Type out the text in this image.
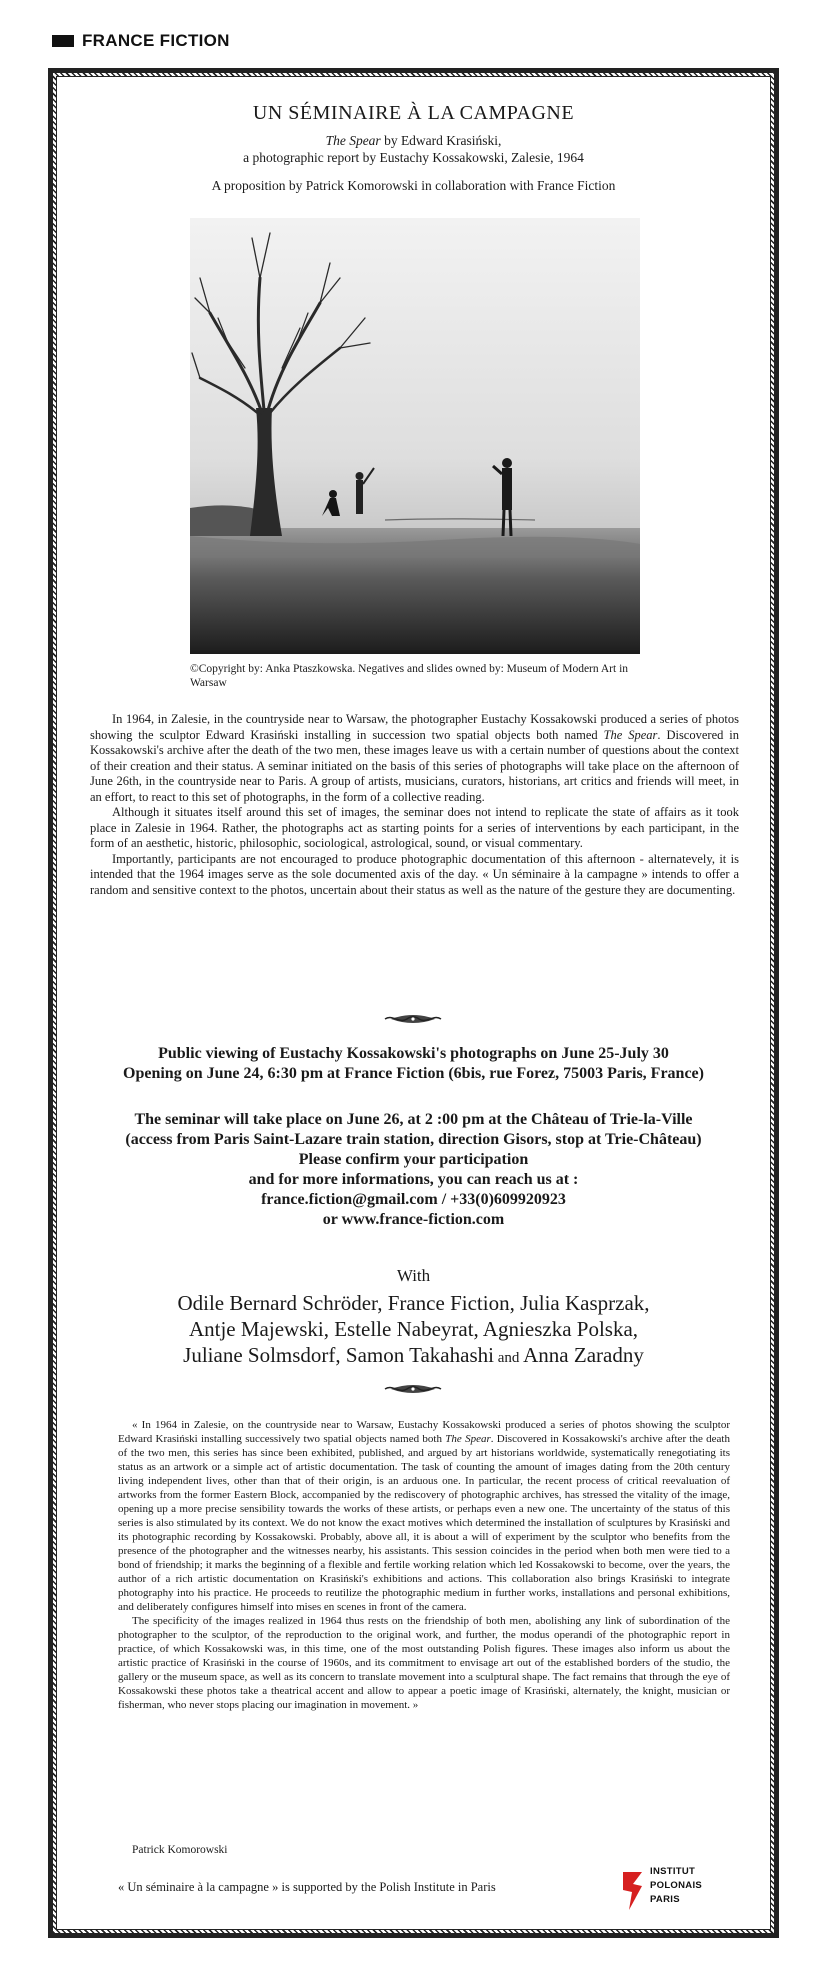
FRANCE FICTION
UN SÉMINAIRE À LA CAMPAGNE
The Spear by Edward Krasiński,
a photographic report by Eustachy Kossakowski, Zalesie, 1964
A proposition by Patrick Komorowski in collaboration with France Fiction
©Copyright by: Anka Ptaszkowska. Negatives and slides owned by: Museum of Modern Art in Warsaw

In 1964, in Zalesie, in the countryside near to Warsaw, the photographer Eustachy Kossakowski produced a series of photos showing the sculptor Edward Krasiński installing in succession two spatial objects both named The Spear. Discovered in Kossakowski's archive after the death of the two men, these images leave us with a certain number of questions about the context of their creation and their status. A seminar initiated on the basis of this series of photographs will take place on the afternoon of June 26th, in the countryside near to Paris. A group of artists, musicians, curators, historians, art critics and friends will meet, in an effort, to react to this set of photographs, in the form of a collective reading.

Although it situates itself around this set of images, the seminar does not intend to replicate the state of affairs as it took place in Zalesie in 1964. Rather, the photographs act as starting points for a series of interventions by each participant, in the form of an aesthetic, historic, philosophic, sociological, astrological, sound, or visual commentary.

Importantly, participants are not encouraged to produce photographic documentation of this afternoon - alternatevely, it is intended that the 1964 images serve as the sole documented axis of the day. « Un séminaire à la campagne » intends to offer a random and sensitive context to the photos, uncertain about their status as well as the nature of the gesture they are documenting.

Public viewing of Eustachy Kossakowski's photographs on June 25-July 30
Opening on June 24, 6:30 pm at France Fiction (6bis, rue Forez, 75003 Paris, France)
The seminar will take place on June 26, at 2 :00 pm at the Château of Trie-la-Ville
(access from Paris Saint-Lazare train station, direction Gisors, stop at Trie-Château)
Please confirm your participation
and for more informations, you can reach us at :
france.fiction@gmail.com / +33(0)609920923
or www.france-fiction.com
With
Odile Bernard Schröder, France Fiction, Julia Kasprzak,
Antje Majewski, Estelle Nabeyrat, Agnieszka Polska,
Juliane Solmsdorf, Samon Takahashi and Anna Zaradny

« In 1964 in Zalesie, on the countryside near to Warsaw, Eustachy Kossakowski produced a series of photos showing the sculptor Edward Krasiński installing successively two spatial objects named both The Spear. Discovered in Kossakowski's archive after the death of the two men, this series has since been exhibited, published, and argued by art historians worldwide, systematically renegotiating its status as an artwork or a simple act of artistic documentation. The task of counting the amount of images dating from the 20th century living independent lives, other than that of their origin, is an arduous one. In particular, the recent process of critical reevaluation of artworks from the former Eastern Block, accompanied by the rediscovery of photographic archives, has stressed the vitality of the image, opening up a more precise sensibility towards the works of these artists, or perhaps even a new one. The uncertainty of the status of this series is also stimulated by its context. We do not know the exact motives which determined the installation of sculptures by Krasiński and its photographic recording by Kossakowski. Probably, above all, it is about a will of experiment by the sculptor who benefits from the presence of the photographer and the witnesses nearby, his assistants. This session coincides in the period when both men were tied to a bond of friendship; it marks the beginning of a flexible and fertile working relation which led Kossakowski to become, over the years, the author of a rich artistic documentation on Krasiński's exhibitions and actions. This collaboration also brings Krasiński to integrate photography into his practice. He proceeds to reutilize the photographic medium in further works, installations and personal exhibitions, and deliberately configures himself into mises en scenes in front of the camera.

The specificity of the images realized in 1964 thus rests on the friendship of both men, abolishing any link of subordination of the photographer to the sculptor, of the reproduction to the original work, and further, the modus operandi of the photographic report in practice, of which Kossakowski was, in this time, one of the most outstanding Polish figures. These images also inform us about the artistic practice of Krasiński in the course of 1960s, and its commitment to envisage art out of the established borders of the studio, the gallery or the museum space, as well as its concern to translate movement into a sculptural shape. The fact remains that through the eye of Kossakowski these photos take a theatrical accent and allow to appear a poetic image of Krasiński, alternately, the knight, musician or fisherman, who never stops placing our imagination in movement. »

Patrick Komorowski
« Un séminaire à la campagne » is supported by the Polish Institute in Paris
INSTITUT
POLONAIS
PARIS
